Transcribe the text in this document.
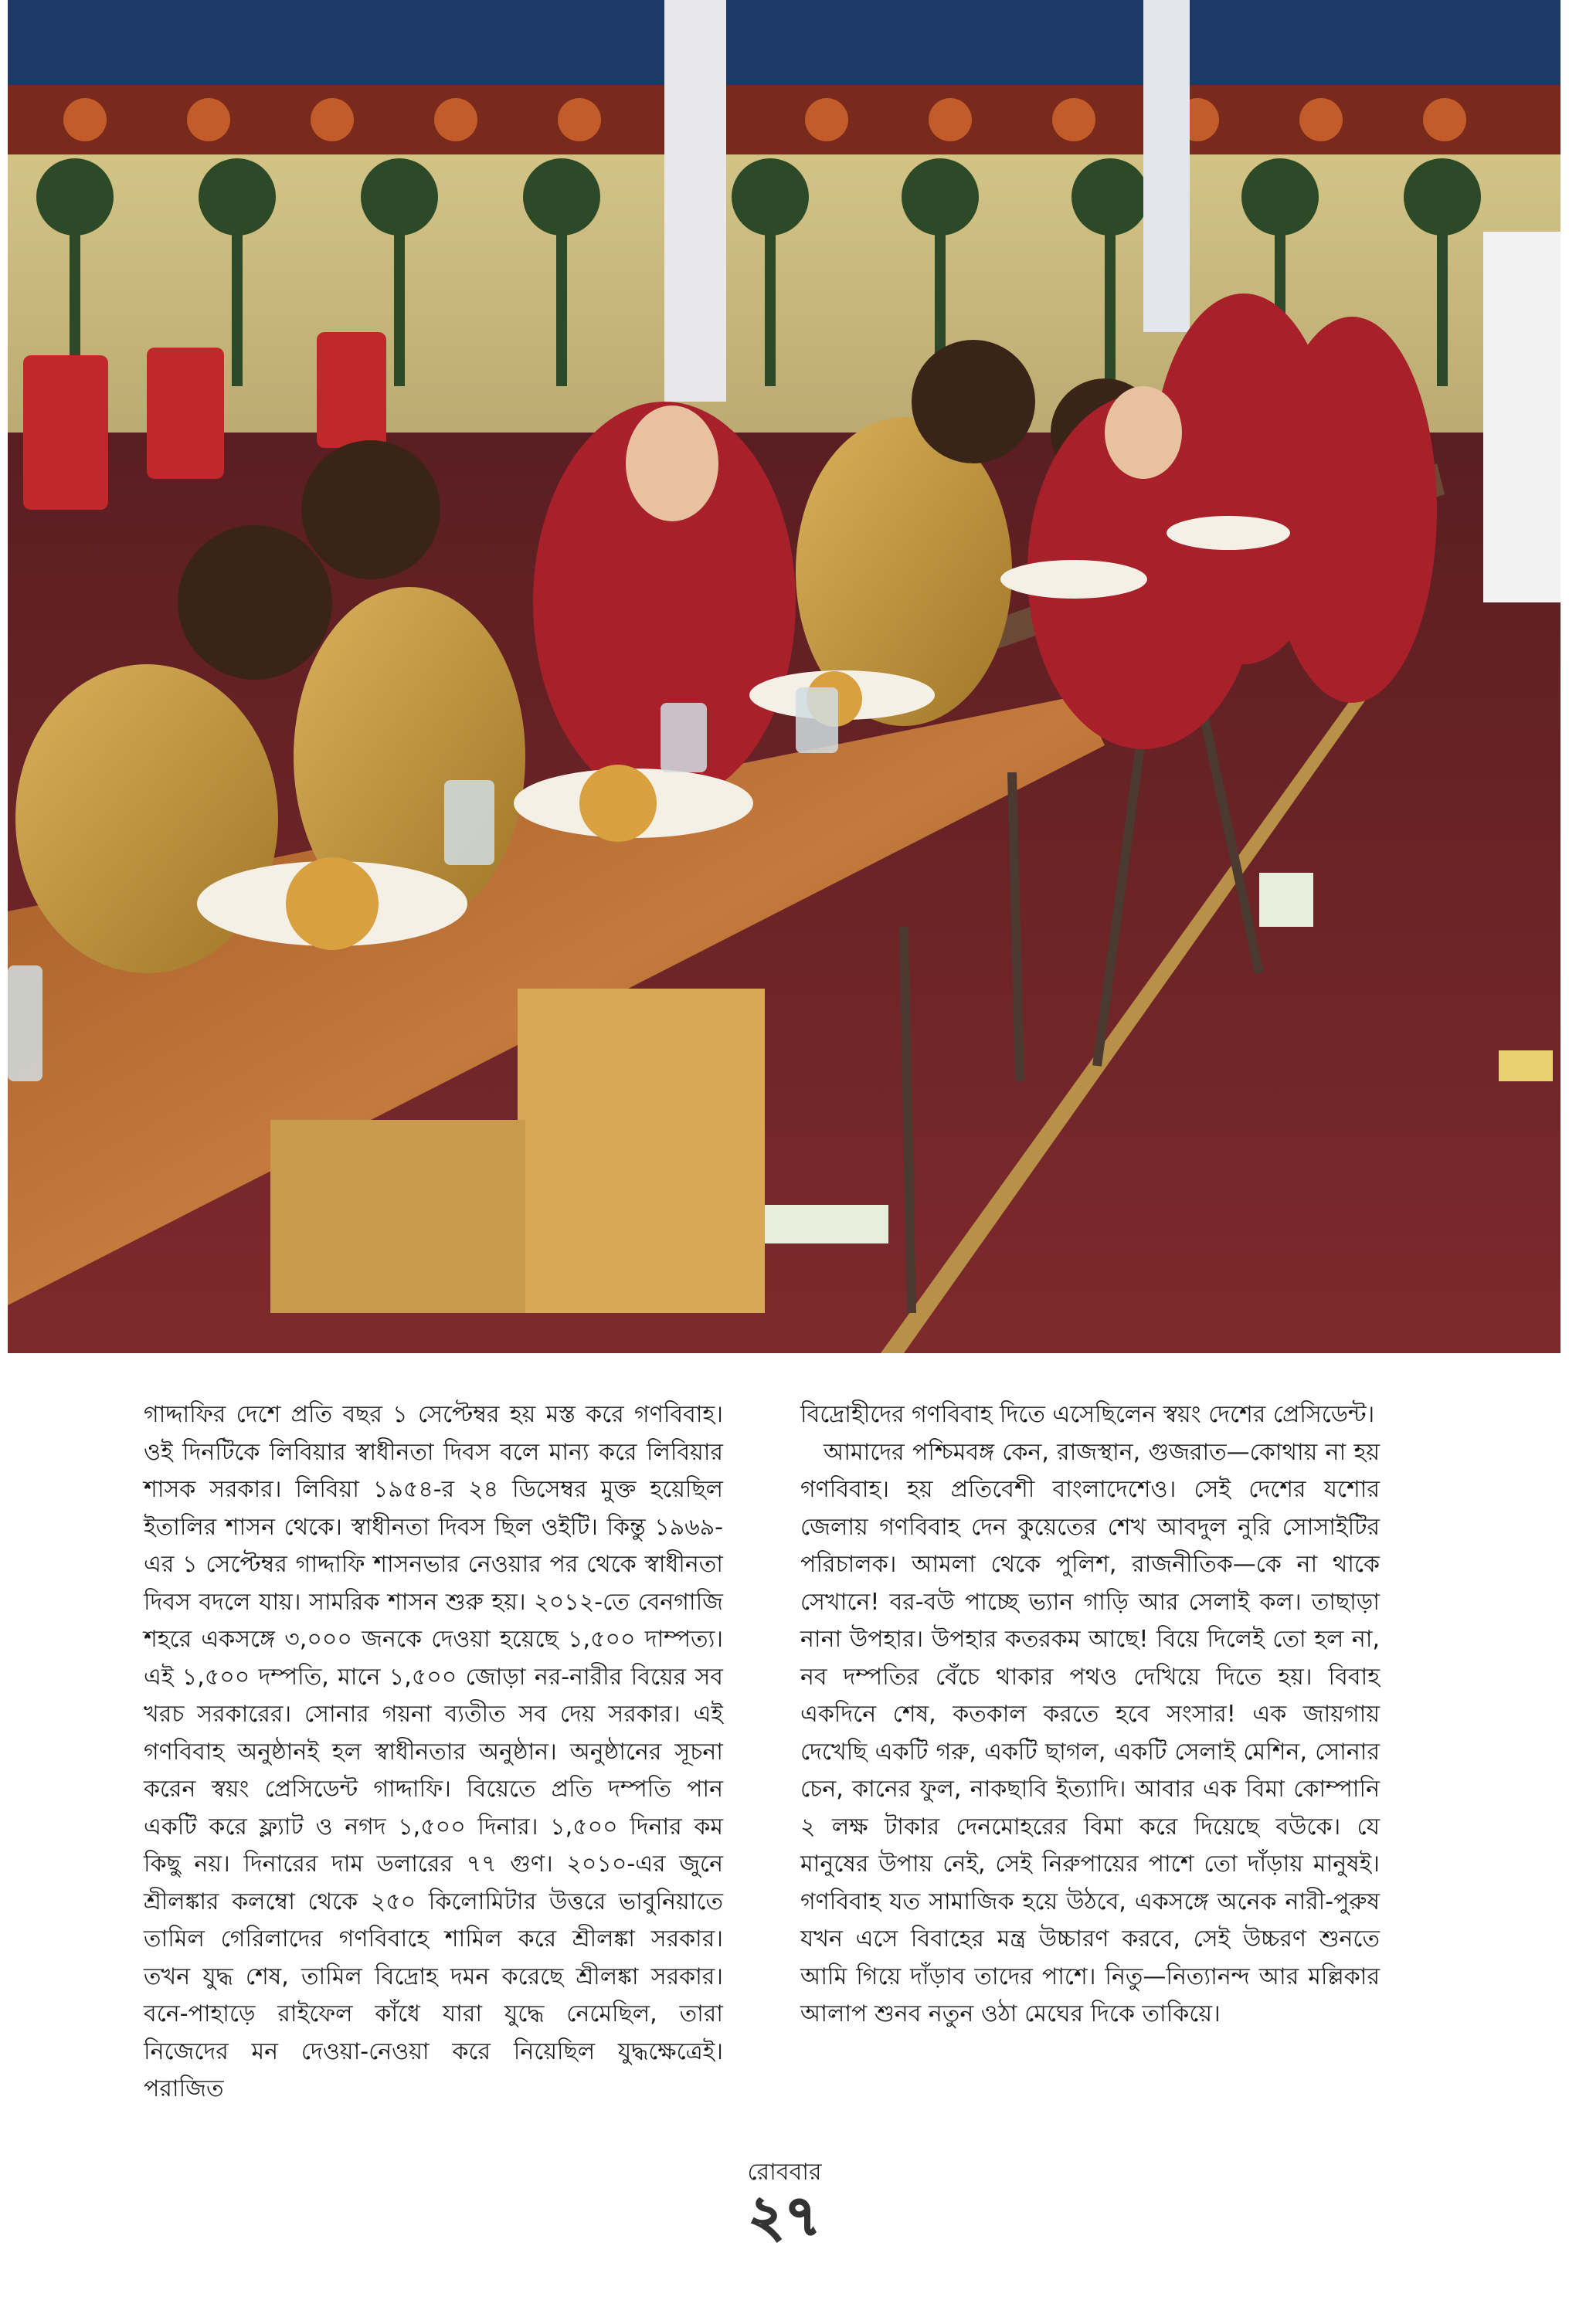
গাদ্দাফির দেশে প্রতি বছর ১ সেপ্টেম্বর হয় মস্ত করে গণবিবাহ। ওই দিনটিকে লিবিয়ার স্বাধীনতা দিবস বলে মান্য করে লিবিয়ার শাসক সরকার। লিবিয়া ১৯৫৪-র ২৪ ডিসেম্বর মুক্ত হয়েছিল ইতালির শাসন থেকে। স্বাধীনতা দিবস ছিল ওইটি। কিন্তু ১৯৬৯-এর ১ সেপ্টেম্বর গাদ্দাফি শাসনভার নেওয়ার পর থেকে স্বাধীনতা দিবস বদলে যায়। সামরিক শাসন শুরু হয়। ২০১২-তে বেনগাজি শহরে একসঙ্গে ৩,০০০ জনকে দেওয়া হয়েছে ১,৫০০ দাম্পত্য। এই ১,৫০০ দম্পতি, মানে ১,৫০০ জোড়া নর-নারীর বিয়ের সব খরচ সরকারের। সোনার গয়না ব্যতীত সব দেয় সরকার। এই গণবিবাহ অনুষ্ঠানই হল স্বাধীনতার অনুষ্ঠান। অনুষ্ঠানের সূচনা করেন স্বয়ং প্রেসিডেন্ট গাদ্দাফি। বিয়েতে প্রতি দম্পতি পান একটি করে ফ্ল্যাট ও নগদ ১,৫০০ দিনার। ১,৫০০ দিনার কম কিছু নয়। দিনারের দাম ডলারের ৭৭ গুণ। ২০১০-এর জুনে শ্রীলঙ্কার কলম্বো থেকে ২৫০ কিলোমিটার উত্তরে ভাবুনিয়াতে তামিল গেরিলাদের গণবিবাহে শামিল করে শ্রীলঙ্কা সরকার। তখন যুদ্ধ শেষ, তামিল বিদ্রোহ দমন করেছে শ্রীলঙ্কা সরকার। বনে-পাহাড়ে রাইফেল কাঁধে যারা যুদ্ধে নেমেছিল, তারা নিজেদের মন দেওয়া-নেওয়া করে নিয়েছিল যুদ্ধক্ষেত্রেই। পরাজিত

বিদ্রোহীদের গণবিবাহ দিতে এসেছিলেন স্বয়ং দেশের প্রেসিডেন্ট।

আমাদের পশ্চিমবঙ্গ কেন, রাজস্থান, গুজরাত—কোথায় না হয় গণবিবাহ। হয় প্রতিবেশী বাংলাদেশেও। সেই দেশের যশোর জেলায় গণবিবাহ দেন কুয়েতের শেখ আবদুল নুরি সোসাইটির পরিচালক। আমলা থেকে পুলিশ, রাজনীতিক—কে না থাকে সেখানে! বর-বউ পাচ্ছে ভ্যান গাড়ি আর সেলাই কল। তাছাড়া নানা উপহার। উপহার কতরকম আছে! বিয়ে দিলেই তো হল না, নব দম্পতির বেঁচে থাকার পথও দেখিয়ে দিতে হয়। বিবাহ একদিনে শেষ, কতকাল করতে হবে সংসার! এক জায়গায় দেখেছি একটি গরু, একটি ছাগল, একটি সেলাই মেশিন, সোনার চেন, কানের ফুল, নাকছাবি ইত্যাদি। আবার এক বিমা কোম্পানি ২ লক্ষ টাকার দেনমোহরের বিমা করে দিয়েছে বউকে। যে মানুষের উপায় নেই, সেই নিরুপায়ের পাশে তো দাঁড়ায় মানুষই। গণবিবাহ যত সামাজিক হয়ে উঠবে, একসঙ্গে অনেক নারী-পুরুষ যখন এসে বিবাহের মন্ত্র উচ্চারণ করবে, সেই উচ্চরণ শুনতে আমি গিয়ে দাঁড়াব তাদের পাশে। নিতু—নিত্যানন্দ আর মল্লিকার আলাপ শুনব নতুন ওঠা মেঘের দিকে তাকিয়ে।

রোববার
২৭
